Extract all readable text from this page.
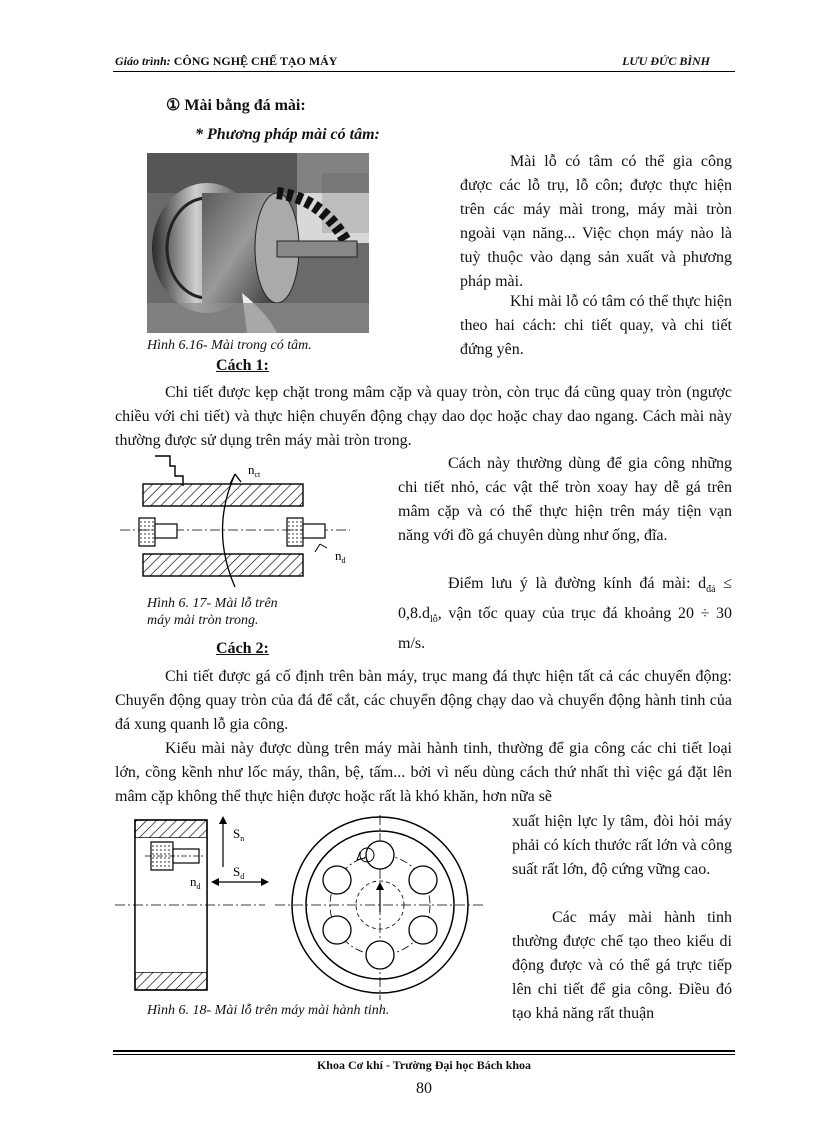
Giáo trình: CÔNG NGHỆ CHẾ TẠO MÁY	LƯU ĐỨC BÌNH
① Mài bằng đá mài:
* Phương pháp mài có tâm:
Hình 6.16- Mài trong có tâm.
Mài lỗ có tâm có thể gia công được các lỗ trụ, lỗ côn; được thực hiện trên các máy mài trong, máy mài tròn ngoài vạn năng... Việc chọn máy nào là tuỳ thuộc vào dạng sản xuất và phương pháp mài.
Khi mài lỗ có tâm có thể thực hiện theo hai cách: chi tiết quay, và chi tiết đứng yên.
Cách 1:
Chi tiết được kẹp chặt trong mâm cặp và quay tròn, còn trục đá cũng quay tròn (ngược chiều với chi tiết) và thực hiện chuyển động chạy dao dọc hoặc chay dao ngang. Cách mài này thường được sử dụng trên máy mài tròn trong.
$n_{ct}$
$n_d$
Hình 6. 17- Mài lỗ trên
máy mài tròn trong.
Cách này thường dùng để gia công những chi tiết nhỏ, các vật thể tròn xoay hay dễ gá trên mâm cặp và có thể thực hiện trên máy tiện vạn năng với đồ gá chuyên dùng như ống, đĩa.
Điểm lưu ý là đường kính đá mài: $d_{đá} \le 0,8.d_{lỗ}$, vận tốc quay của trục đá khoảng 20 ÷ 30 m/s.
Cách 2:
Chi tiết được gá cố định trên bàn máy, trục mang đá thực hiện tất cả các chuyển động: Chuyển động quay tròn của đá để cắt, các chuyển động chạy dao và chuyển động hành tinh của đá xung quanh lỗ gia công.
Kiểu mài này được dùng trên máy mài hành tinh, thường để gia công các chi tiết loại lớn, cồng kềnh như lốc máy, thân, bệ, tấm... bởi vì nếu dùng cách thứ nhất thì việc gá đặt lên mâm cặp không thể thực hiện được hoặc rất là khó khăn, hơn nữa sẽ
$S_n$
$S_d$
$n_d$
Hình 6. 18- Mài lỗ trên máy mài hành tinh.
xuất hiện lực ly tâm, đòi hỏi máy phải có kích thước rất lớn và công suất rất lớn, độ cứng vững cao.
Các máy mài hành tinh thường được chế tạo theo kiểu di động được và có thể gá trực tiếp lên chi tiết để gia công. Điều đó tạo khả năng rất thuận
Khoa Cơ khí - Trường Đại học Bách khoa
80
